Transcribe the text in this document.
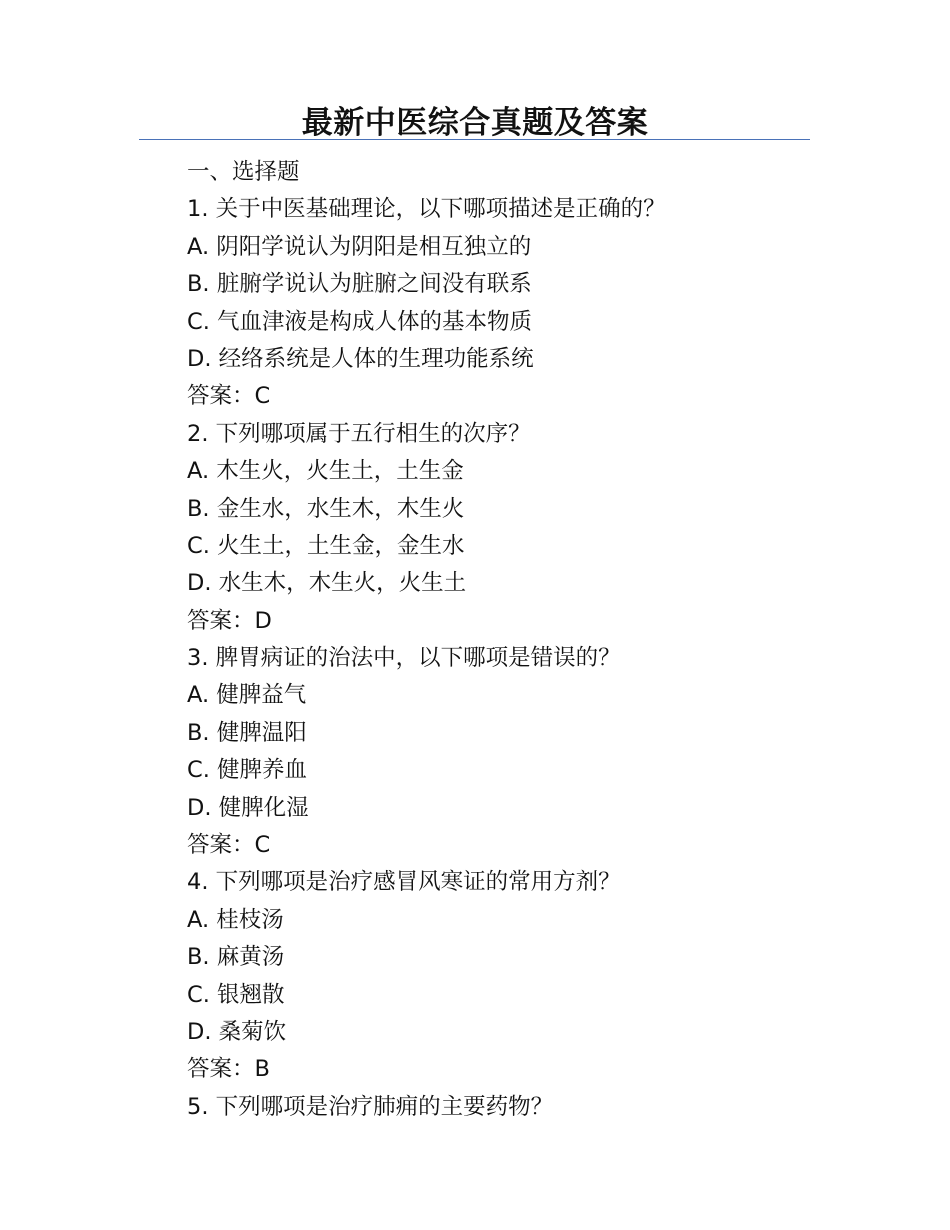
最新中医综合真题及答案
一、选择题
1. 关于中医基础理论，以下哪项描述是正确的？
A. 阴阳学说认为阴阳是相互独立的
B. 脏腑学说认为脏腑之间没有联系
C. 气血津液是构成人体的基本物质
D. 经络系统是人体的生理功能系统
答案：C
2. 下列哪项属于五行相生的次序？
A. 木生火，火生土，土生金
B. 金生水，水生木，木生火
C. 火生土，土生金，金生水
D. 水生木，木生火，火生土
答案：D
3. 脾胃病证的治法中，以下哪项是错误的？
A. 健脾益气
B. 健脾温阳
C. 健脾养血
D. 健脾化湿
答案：C
4. 下列哪项是治疗感冒风寒证的常用方剂？
A. 桂枝汤
B. 麻黄汤
C. 银翘散
D. 桑菊饮
答案：B
5. 下列哪项是治疗肺痈的主要药物？
